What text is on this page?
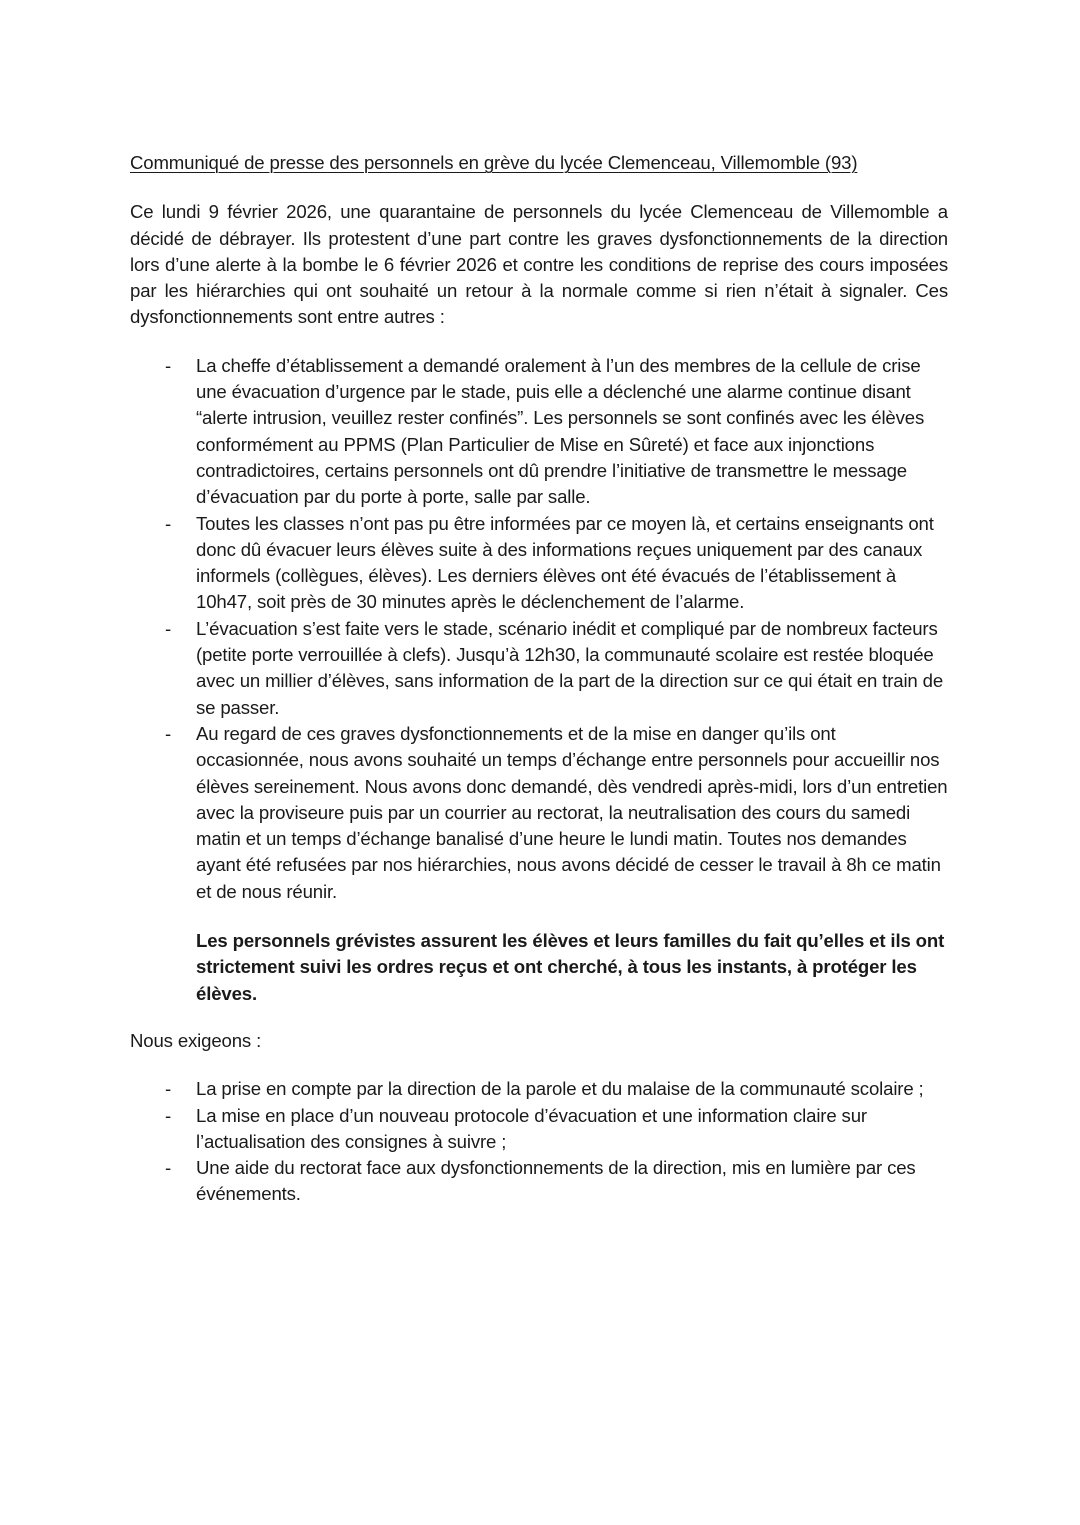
Communiqué de presse des personnels en grève du lycée Clemenceau, Villemomble (93)

Ce lundi 9 février 2026, une quarantaine de personnels du lycée Clemenceau de Villemomble a décidé de débrayer. Ils protestent d’une part contre les graves dysfonctionnements de la direction lors d’une alerte à la bombe le 6 février 2026 et contre les conditions de reprise des cours imposées par les hiérarchies qui ont souhaité un retour à la normale comme si rien n’était à signaler. Ces dysfonctionnements sont entre autres :

- La cheffe d’établissement a demandé oralement à l’un des membres de la cellule de crise une évacuation d’urgence par le stade, puis elle a déclenché une alarme continue disant “alerte intrusion, veuillez rester confinés”. Les personnels se sont confinés avec les élèves conformément au PPMS (Plan Particulier de Mise en Sûreté) et face aux injonctions contradictoires, certains personnels ont dû prendre l’initiative de transmettre le message d’évacuation par du porte à porte, salle par salle.
- Toutes les classes n’ont pas pu être informées par ce moyen là, et certains enseignants ont donc dû évacuer leurs élèves suite à des informations reçues uniquement par des canaux informels (collègues, élèves). Les derniers élèves ont été évacués de l’établissement à 10h47, soit près de 30 minutes après le déclenchement de l’alarme.
- L’évacuation s’est faite vers le stade, scénario inédit et compliqué par de nombreux facteurs (petite porte verrouillée à clefs). Jusqu’à 12h30, la communauté scolaire est restée bloquée avec un millier d’élèves, sans information de la part de la direction sur ce qui était en train de se passer.
- Au regard de ces graves dysfonctionnements et de la mise en danger qu’ils ont occasionnée, nous avons souhaité un temps d’échange entre personnels pour accueillir nos élèves sereinement. Nous avons donc demandé, dès vendredi après-midi, lors d’un entretien avec la proviseure puis par un courrier au rectorat, la neutralisation des cours du samedi matin et un temps d’échange banalisé d’une heure le lundi matin. Toutes nos demandes ayant été refusées par nos hiérarchies, nous avons décidé de cesser le travail à 8h ce matin et de nous réunir.

Les personnels grévistes assurent les élèves et leurs familles du fait qu’elles et ils ont strictement suivi les ordres reçus et ont cherché, à tous les instants, à protéger les élèves.

Nous exigeons :

- La prise en compte par la direction de la parole et du malaise de la communauté scolaire ;
- La mise en place d’un nouveau protocole d’évacuation et une information claire sur l’actualisation des consignes à suivre ;
- Une aide du rectorat face aux dysfonctionnements de la direction, mis en lumière par ces événements.
